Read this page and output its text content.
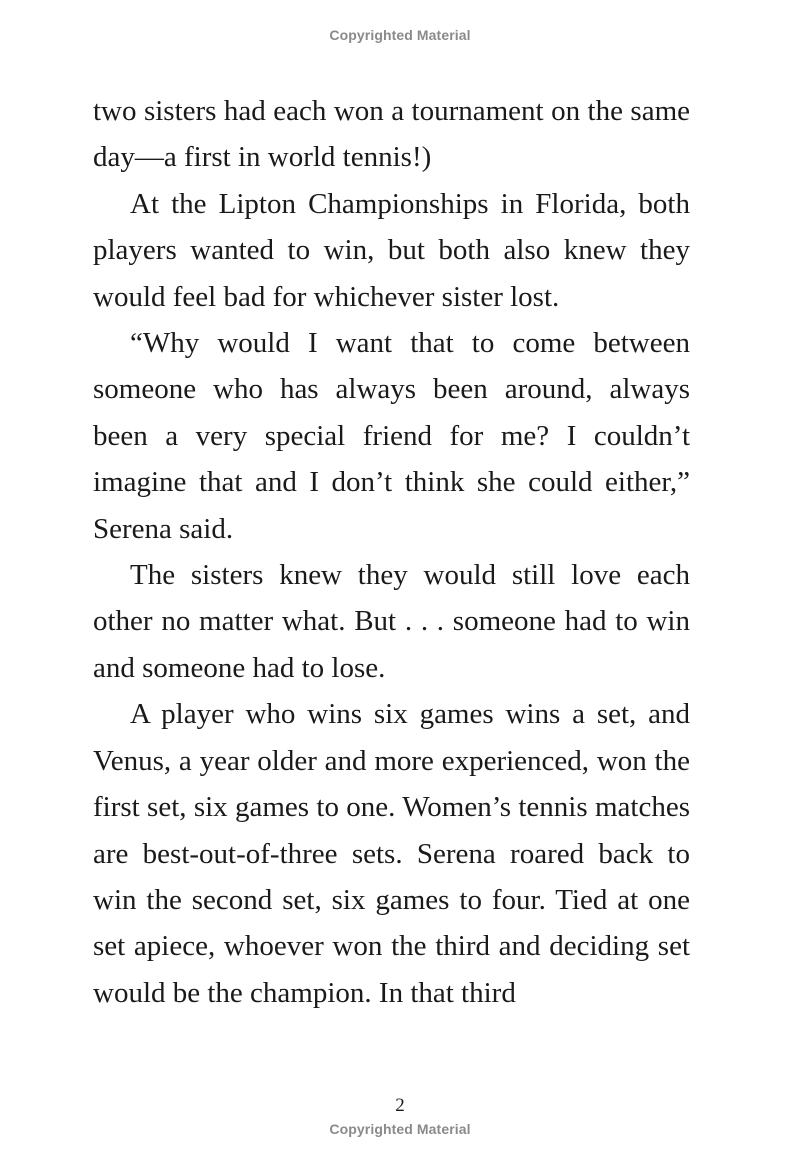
Copyrighted Material

two sisters had each won a tournament on the same day—a first in world tennis!)

At the Lipton Championships in Florida, both players wanted to win, but both also knew they would feel bad for whichever sister lost.

“Why would I want that to come between someone who has always been around, always been a very special friend for me? I couldn’t imagine that and I don’t think she could either,” Serena said.

The sisters knew they would still love each other no matter what. But . . . someone had to win and someone had to lose.

A player who wins six games wins a set, and Venus, a year older and more experienced, won the first set, six games to one. Women’s tennis matches are best-out-of-three sets. Serena roared back to win the second set, six games to four. Tied at one set apiece, whoever won the third and deciding set would be the champion. In that third

2
Copyrighted Material
